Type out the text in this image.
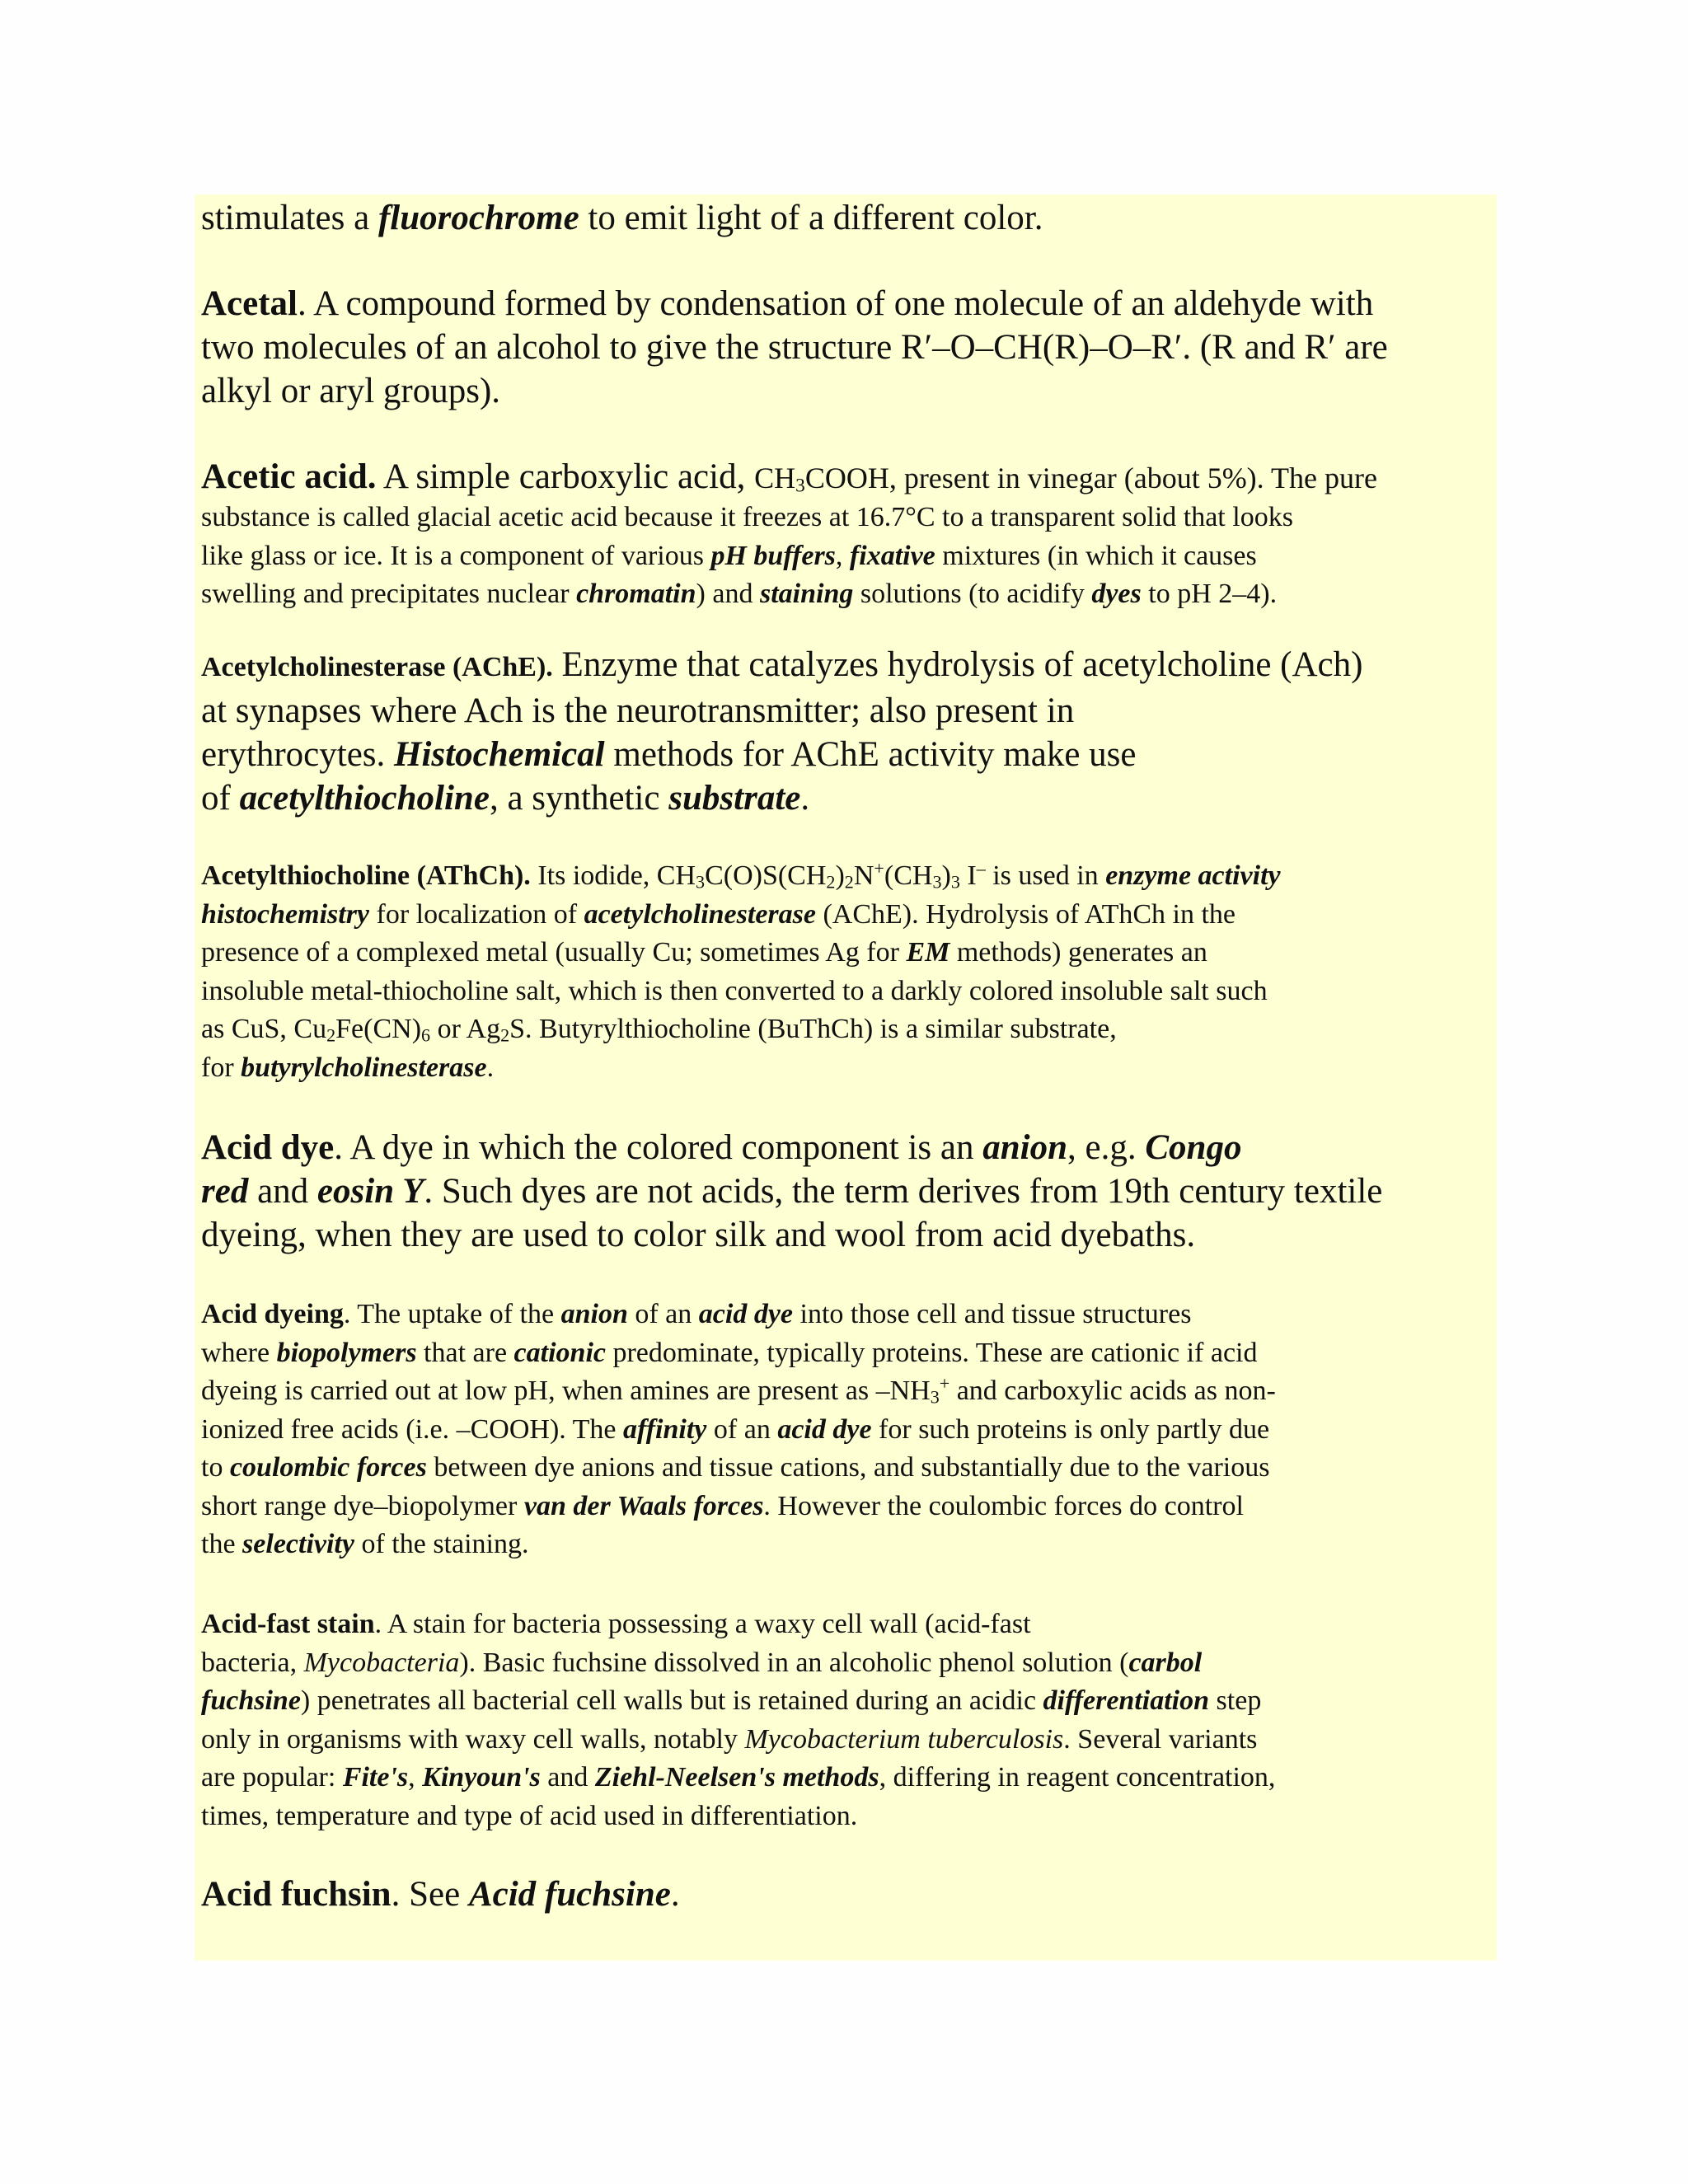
stimulates a fluorochrome to emit light of a different color.

Acetal. A compound formed by condensation of one molecule of an aldehyde with
two molecules of an alcohol to give the structure R′–O–CH(R)–O–R′. (R and R′ are
alkyl or aryl groups).
Acetic acid. A simple carboxylic acid, $CH_3COOH$, present in vinegar (about 5%). The pure
substance is called glacial acetic acid because it freezes at 16.7°C to a transparent solid that looks
like glass or ice. It is a component of various pH buffers, fixative mixtures (in which it causes
swelling and precipitates nuclear chromatin) and staining solutions (to acidify dyes to pH 2–4).
Acetylcholinesterase (AChE). Enzyme that catalyzes hydrolysis of acetylcholine (Ach)
at synapses where Ach is the neurotransmitter; also present in
erythrocytes. Histochemical methods for AChE activity make use
of acetylthiocholine, a synthetic substrate.
Acetylthiocholine (AThCh). Its iodide, CH3C(O)S(CH2)2N+(CH3)3 I– is used in enzyme activity
histochemistry for localization of acetylcholinesterase (AChE). Hydrolysis of AThCh in the
presence of a complexed metal (usually Cu; sometimes Ag for EM methods) generates an
insoluble metal-thiocholine salt, which is then converted to a darkly colored insoluble salt such
as CuS, Cu2Fe(CN)6 or Ag2S. Butyrylthiocholine (BuThCh) is a similar substrate,
for butyrylcholinesterase.
Acid dye. A dye in which the colored component is an anion, e.g. Congo
red and eosin Y. Such dyes are not acids, the term derives from 19th century textile
dyeing, when they are used to color silk and wool from acid dyebaths.
Acid dyeing. The uptake of the anion of an acid dye into those cell and tissue structures
where biopolymers that are cationic predominate, typically proteins. These are cationic if acid
dyeing is carried out at low pH, when amines are present as –NH3+ and carboxylic acids as non-
ionized free acids (i.e. –COOH). The affinity of an acid dye for such proteins is only partly due
to coulombic forces between dye anions and tissue cations, and substantially due to the various
short range dye–biopolymer van der Waals forces. However the coulombic forces do control
the selectivity of the staining.
Acid-fast stain. A stain for bacteria possessing a waxy cell wall (acid-fast
bacteria, Mycobacteria). Basic fuchsine dissolved in an alcoholic phenol solution (carbol
fuchsine) penetrates all bacterial cell walls but is retained during an acidic differentiation step
only in organisms with waxy cell walls, notably Mycobacterium tuberculosis. Several variants
are popular: Fite's, Kinyoun's and Ziehl-Neelsen's methods, differing in reagent concentration,
times, temperature and type of acid used in differentiation.

Acid fuchsin. See Acid fuchsine.
